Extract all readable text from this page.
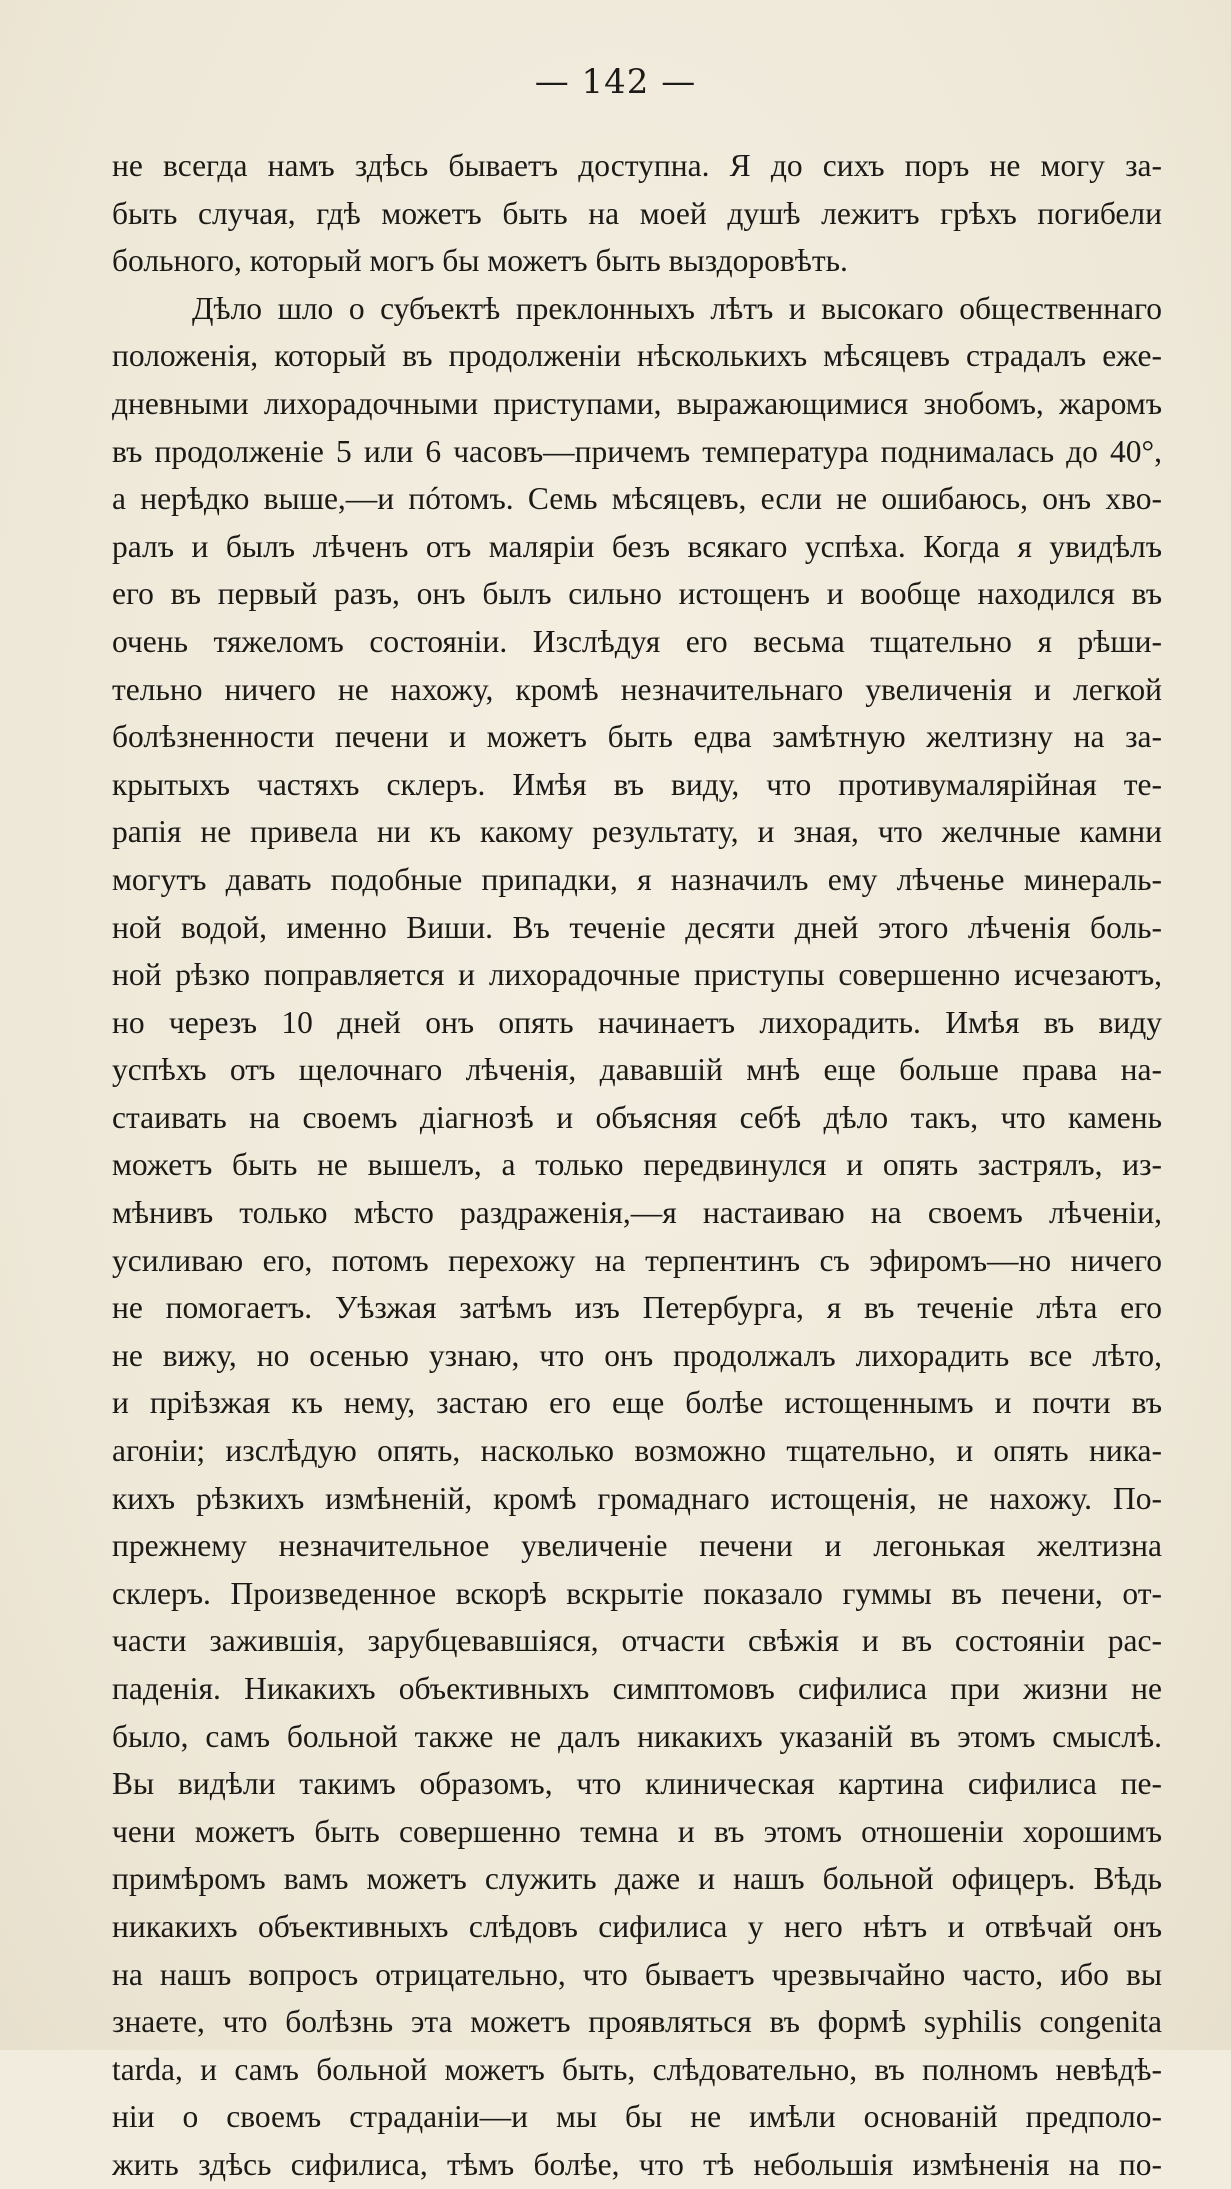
— 142 —
не всегда намъ здѣсь бываетъ доступна. Я до сихъ поръ не могу за-
быть случая, гдѣ можетъ быть на моей душѣ лежитъ грѣхъ погибели
больного, который могъ бы можетъ быть выздоровѣть.
Дѣло шло о субъектѣ преклонныхъ лѣтъ и высокаго общественнаго
положенія, который въ продолженіи нѣсколькихъ мѣсяцевъ страдалъ еже-
дневными лихорадочными приступами, выражающимися знобомъ, жаромъ
въ продолженіе 5 или 6 часовъ—причемъ температура поднималась до 40°,
а нерѣдко выше,—и пóтомъ. Семь мѣсяцевъ, если не ошибаюсь, онъ хво-
ралъ и былъ лѣченъ отъ маляріи безъ всякаго успѣха. Когда я увидѣлъ
его въ первый разъ, онъ былъ сильно истощенъ и вообще находился въ
очень тяжеломъ состояніи. Изслѣдуя его весьма тщательно я рѣши-
тельно ничего не нахожу, кромѣ незначительнаго увеличенія и легкой
болѣзненности печени и можетъ быть едва замѣтную желтизну на за-
крытыхъ частяхъ склеръ. Имѣя въ виду, что противумалярійная те-
рапія не привела ни къ какому результату, и зная, что желчные камни
могутъ давать подобные припадки, я назначилъ ему лѣченье минераль-
ной водой, именно Виши. Въ теченіе десяти дней этого лѣченія боль-
ной рѣзко поправляется и лихорадочные приступы совершенно исчезаютъ,
но черезъ 10 дней онъ опять начинаетъ лихорадить. Имѣя въ виду
успѣхъ отъ щелочнаго лѣченія, дававшій мнѣ еще больше права на-
стаивать на своемъ діагнозѣ и объясняя себѣ дѣло такъ, что камень
можетъ быть не вышелъ, а только передвинулся и опять застрялъ, из-
мѣнивъ только мѣсто раздраженія,—я настаиваю на своемъ лѣченіи,
усиливаю его, потомъ перехожу на терпентинъ съ эфиромъ—но ничего
не помогаетъ. Уѣзжая затѣмъ изъ Петербурга, я въ теченіе лѣта его
не вижу, но осенью узнаю, что онъ продолжалъ лихорадить все лѣто,
и пріѣзжая къ нему, застаю его еще болѣе истощеннымъ и почти въ
агоніи; изслѣдую опять, насколько возможно тщательно, и опять ника-
кихъ рѣзкихъ измѣненій, кромѣ громаднаго истощенія, не нахожу. По-
прежнему незначительное увеличеніе печени и легонькая желтизна
склеръ. Произведенное вскорѣ вскрытіе показало гуммы въ печени, от-
части зажившія, зарубцевавшіяся, отчасти свѣжія и въ состояніи рас-
паденія. Никакихъ объективныхъ симптомовъ сифилиса при жизни не
было, самъ больной также не далъ никакихъ указаній въ этомъ смыслѣ.
Вы видѣли такимъ образомъ, что клиническая картина сифилиса пе-
чени можетъ быть совершенно темна и въ этомъ отношеніи хорошимъ
примѣромъ вамъ можетъ служить даже и нашъ больной офицеръ. Вѣдь
никакихъ объективныхъ слѣдовъ сифилиса у него нѣтъ и отвѣчай онъ
на нашъ вопросъ отрицательно, что бываетъ чрезвычайно часто, ибо вы
знаете, что болѣзнь эта можетъ проявляться въ формѣ syphilis congenita
tarda, и самъ больной можетъ быть, слѣдовательно, въ полномъ невѣдѣ-
ніи о своемъ страданіи—и мы бы не имѣли основаній предполо-
жить здѣсь сифилиса, тѣмъ болѣе, что тѣ небольшія измѣненія на по-
